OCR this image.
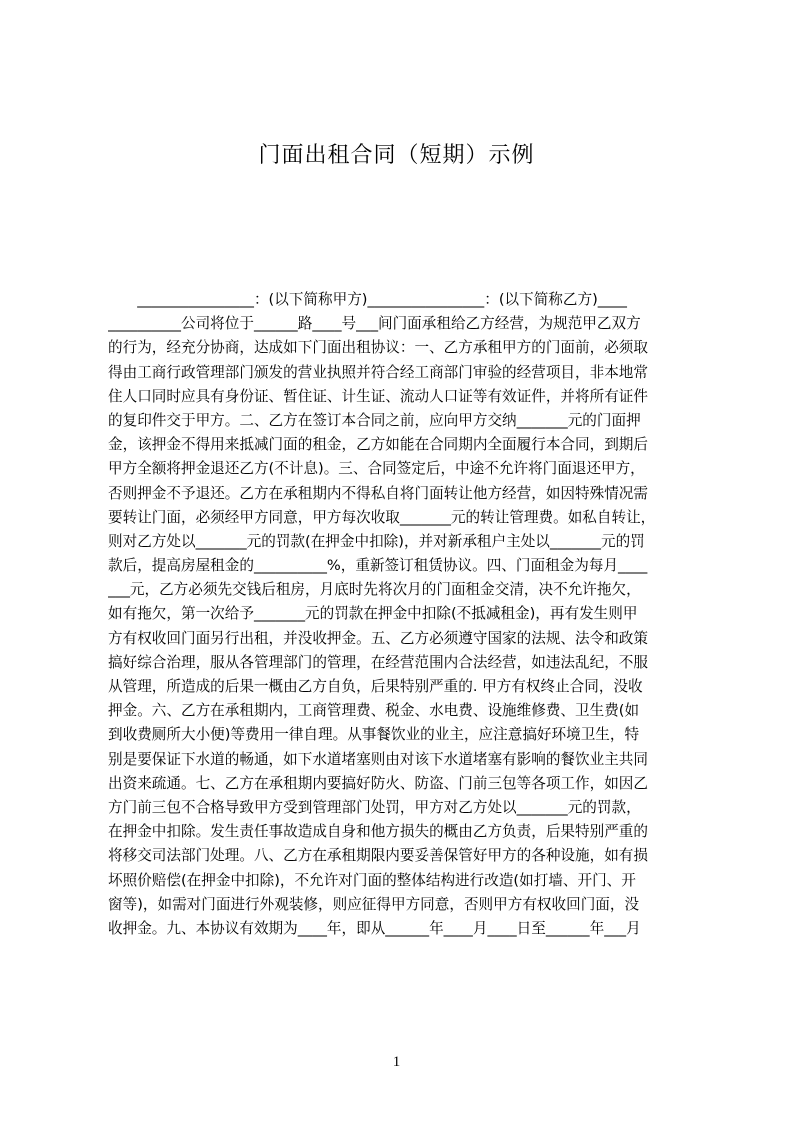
门面出租合同（短期）示例
　　________________：(以下简称甲方)________________：(以下简称乙方)____
__________公司将位于______路____号___间门面承租给乙方经营，为规范甲乙双方
的行为，经充分协商，达成如下门面出租协议：一、乙方承租甲方的门面前，必须取
得由工商行政管理部门颁发的营业执照并符合经工商部门审验的经营项目，非本地常
住人口同时应具有身份证、暂住证、计生证、流动人口证等有效证件，并将所有证件
的复印件交于甲方。二、乙方在签订本合同之前，应向甲方交纳_______元的门面押
金，该押金不得用来抵减门面的租金，乙方如能在合同期内全面履行本合同，到期后
甲方全额将押金退还乙方(不计息)。三、合同签定后，中途不允许将门面退还甲方，
否则押金不予退还。乙方在承租期内不得私自将门面转让他方经营，如因特殊情况需
要转让门面，必须经甲方同意，甲方每次收取_______元的转让管理费。如私自转让，
则对乙方处以_______元的罚款(在押金中扣除)，并对新承租户主处以_______元的罚
款后，提高房屋租金的__________%，重新签订租赁协议。四、门面租金为每月____
___元，乙方必须先交钱后租房，月底时先将次月的门面租金交清，决不允许拖欠，
如有拖欠，第一次给予_______元的罚款在押金中扣除(不抵减租金)，再有发生则甲
方有权收回门面另行出租，并没收押金。五、乙方必须遵守国家的法规、法令和政策
搞好综合治理，服从各管理部门的管理，在经营范围内合法经营，如违法乱纪，不服
从管理，所造成的后果一概由乙方自负，后果特别严重的. 甲方有权终止合同，没收
押金。六、乙方在承租期内，工商管理费、税金、水电费、设施维修费、卫生费(如
到收费厕所大小便)等费用一律自理。从事餐饮业的业主，应注意搞好环境卫生，特
别是要保证下水道的畅通，如下水道堵塞则由对该下水道堵塞有影响的餐饮业主共同
出资来疏通。七、乙方在承租期内要搞好防火、防盗、门前三包等各项工作，如因乙
方门前三包不合格导致甲方受到管理部门处罚，甲方对乙方处以_______元的罚款，
在押金中扣除。发生责任事故造成自身和他方损失的概由乙方负责，后果特别严重的
将移交司法部门处理。八、乙方在承租期限内要妥善保管好甲方的各种设施，如有损
坏照价赔偿(在押金中扣除)，不允许对门面的整体结构进行改造(如打墙、开门、开
窗等)，如需对门面进行外观装修，则应征得甲方同意，否则甲方有权收回门面，没
收押金。九、本协议有效期为____年，即从______年____月____日至______年___月
1
